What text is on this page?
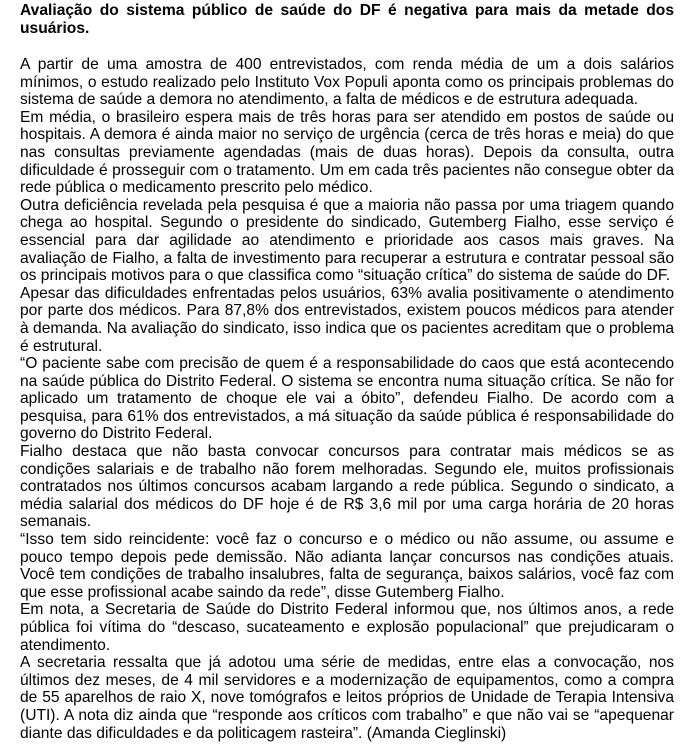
Avaliação do sistema público de saúde do DF é negativa para mais da metade dos usuários.

A partir de uma amostra de 400 entrevistados, com renda média de um a dois salários mínimos, o estudo realizado pelo Instituto Vox Populi aponta como os principais problemas do sistema de saúde a demora no atendimento, a falta de médicos e de estrutura adequada.

Em média, o brasileiro espera mais de três horas para ser atendido em postos de saúde ou hospitais. A demora é ainda maior no serviço de urgência (cerca de três horas e meia) do que nas consultas previamente agendadas (mais de duas horas). Depois da consulta, outra dificuldade é prosseguir com o tratamento. Um em cada três pacientes não consegue obter da rede pública o medicamento prescrito pelo médico.

Outra deficiência revelada pela pesquisa é que a maioria não passa por uma triagem quando chega ao hospital. Segundo o presidente do sindicado, Gutemberg Fialho, esse serviço é essencial para dar agilidade ao atendimento e prioridade aos casos mais graves. Na avaliação de Fialho, a falta de investimento para recuperar a estrutura e contratar pessoal são os principais motivos para o que classifica como “situação crítica” do sistema de saúde do DF.

Apesar das dificuldades enfrentadas pelos usuários, 63% avalia positivamente o atendimento por parte dos médicos. Para 87,8% dos entrevistados, existem poucos médicos para atender à demanda. Na avaliação do sindicato, isso indica que os pacientes acreditam que o problema é estrutural.

“O paciente sabe com precisão de quem é a responsabilidade do caos que está acontecendo na saúde pública do Distrito Federal. O sistema se encontra numa situação crítica. Se não for aplicado um tratamento de choque ele vai a óbito”, defendeu Fialho. De acordo com a pesquisa, para 61% dos entrevistados, a má situação da saúde pública é responsabilidade do governo do Distrito Federal.

Fialho destaca que não basta convocar concursos para contratar mais médicos se as condições salariais e de trabalho não forem melhoradas. Segundo ele, muitos profissionais contratados nos últimos concursos acabam largando a rede pública. Segundo o sindicato, a média salarial dos médicos do DF hoje é de R$ 3,6 mil por uma carga horária de 20 horas semanais.

“Isso tem sido reincidente: você faz o concurso e o médico ou não assume, ou assume e pouco tempo depois pede demissão. Não adianta lançar concursos nas condições atuais. Você tem condições de trabalho insalubres, falta de segurança, baixos salários, você faz com que esse profissional acabe saindo da rede”, disse Gutemberg Fialho.

Em nota, a Secretaria de Saúde do Distrito Federal informou que, nos últimos anos, a rede pública foi vítima do “descaso, sucateamento e explosão populacional” que prejudicaram o atendimento.

A secretaria ressalta que já adotou uma série de medidas, entre elas a convocação, nos últimos dez meses, de 4 mil servidores e a modernização de equipamentos, como a compra de 55 aparelhos de raio X, nove tomógrafos e leitos próprios de Unidade de Terapia Intensiva (UTI). A nota diz ainda que “responde aos críticos com trabalho” e que não vai se “apequenar diante das dificuldades e da politicagem rasteira”. (Amanda Cieglinski)
